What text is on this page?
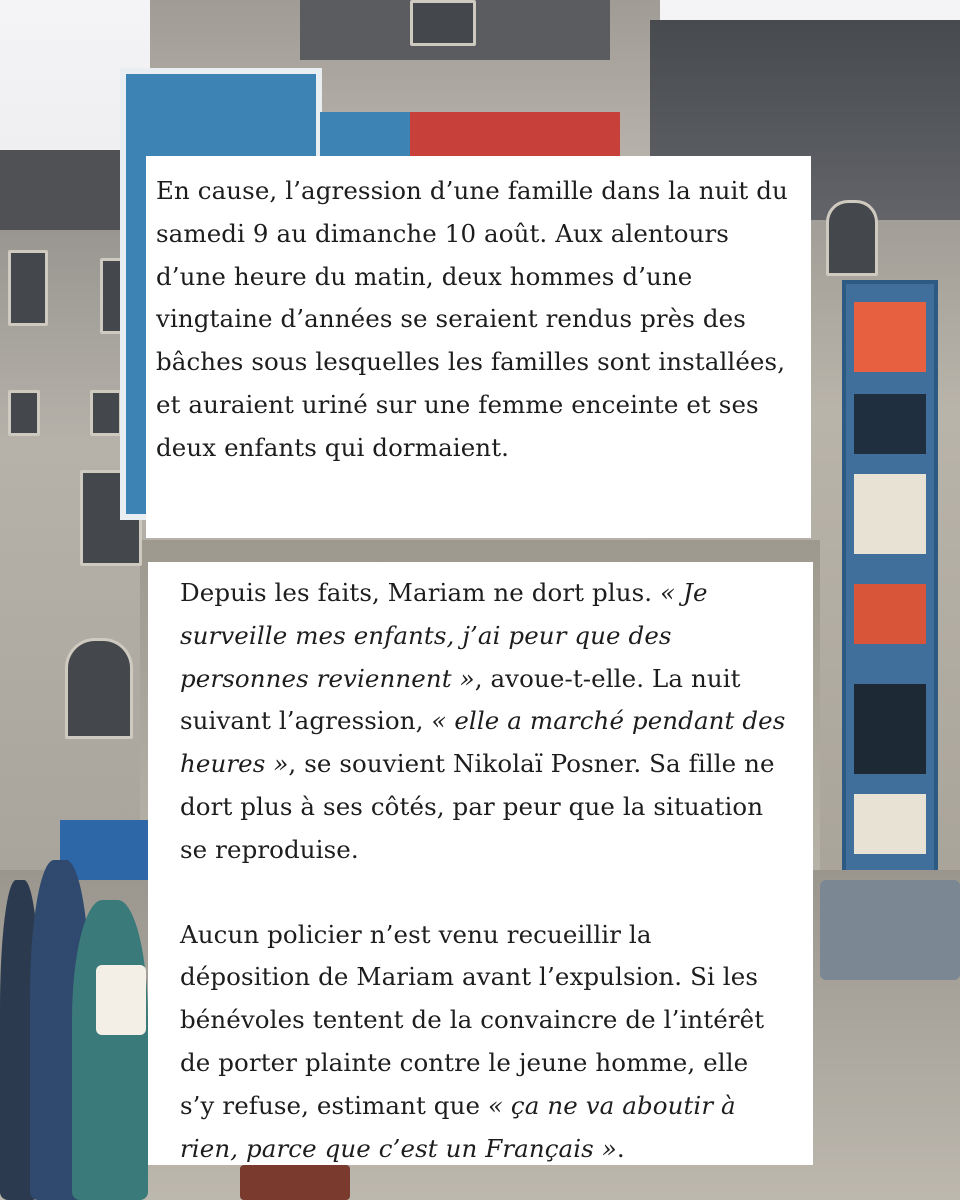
En cause, l’agression d’une famille dans la nuit du samedi 9 au dimanche 10 août. Aux alentours d’une heure du matin, deux hommes d’une vingtaine d’années se seraient rendus près des bâches sous lesquelles les familles sont installées, et auraient uriné sur une femme enceinte et ses deux enfants qui dormaient.

Depuis les faits, Mariam ne dort plus. « Je surveille mes enfants, j’ai peur que des personnes reviennent », avoue-t-elle. La nuit suivant l’agression, « elle a marché pendant des heures », se souvient Nikolaï Posner. Sa fille ne dort plus à ses côtés, par peur que la situation se reproduise.

Aucun policier n’est venu recueillir la déposition de Mariam avant l’expulsion. Si les bénévoles tentent de la convaincre de l’intérêt de porter plainte contre le jeune homme, elle s’y refuse, estimant que « ça ne va aboutir à rien, parce que c’est un Français ».
